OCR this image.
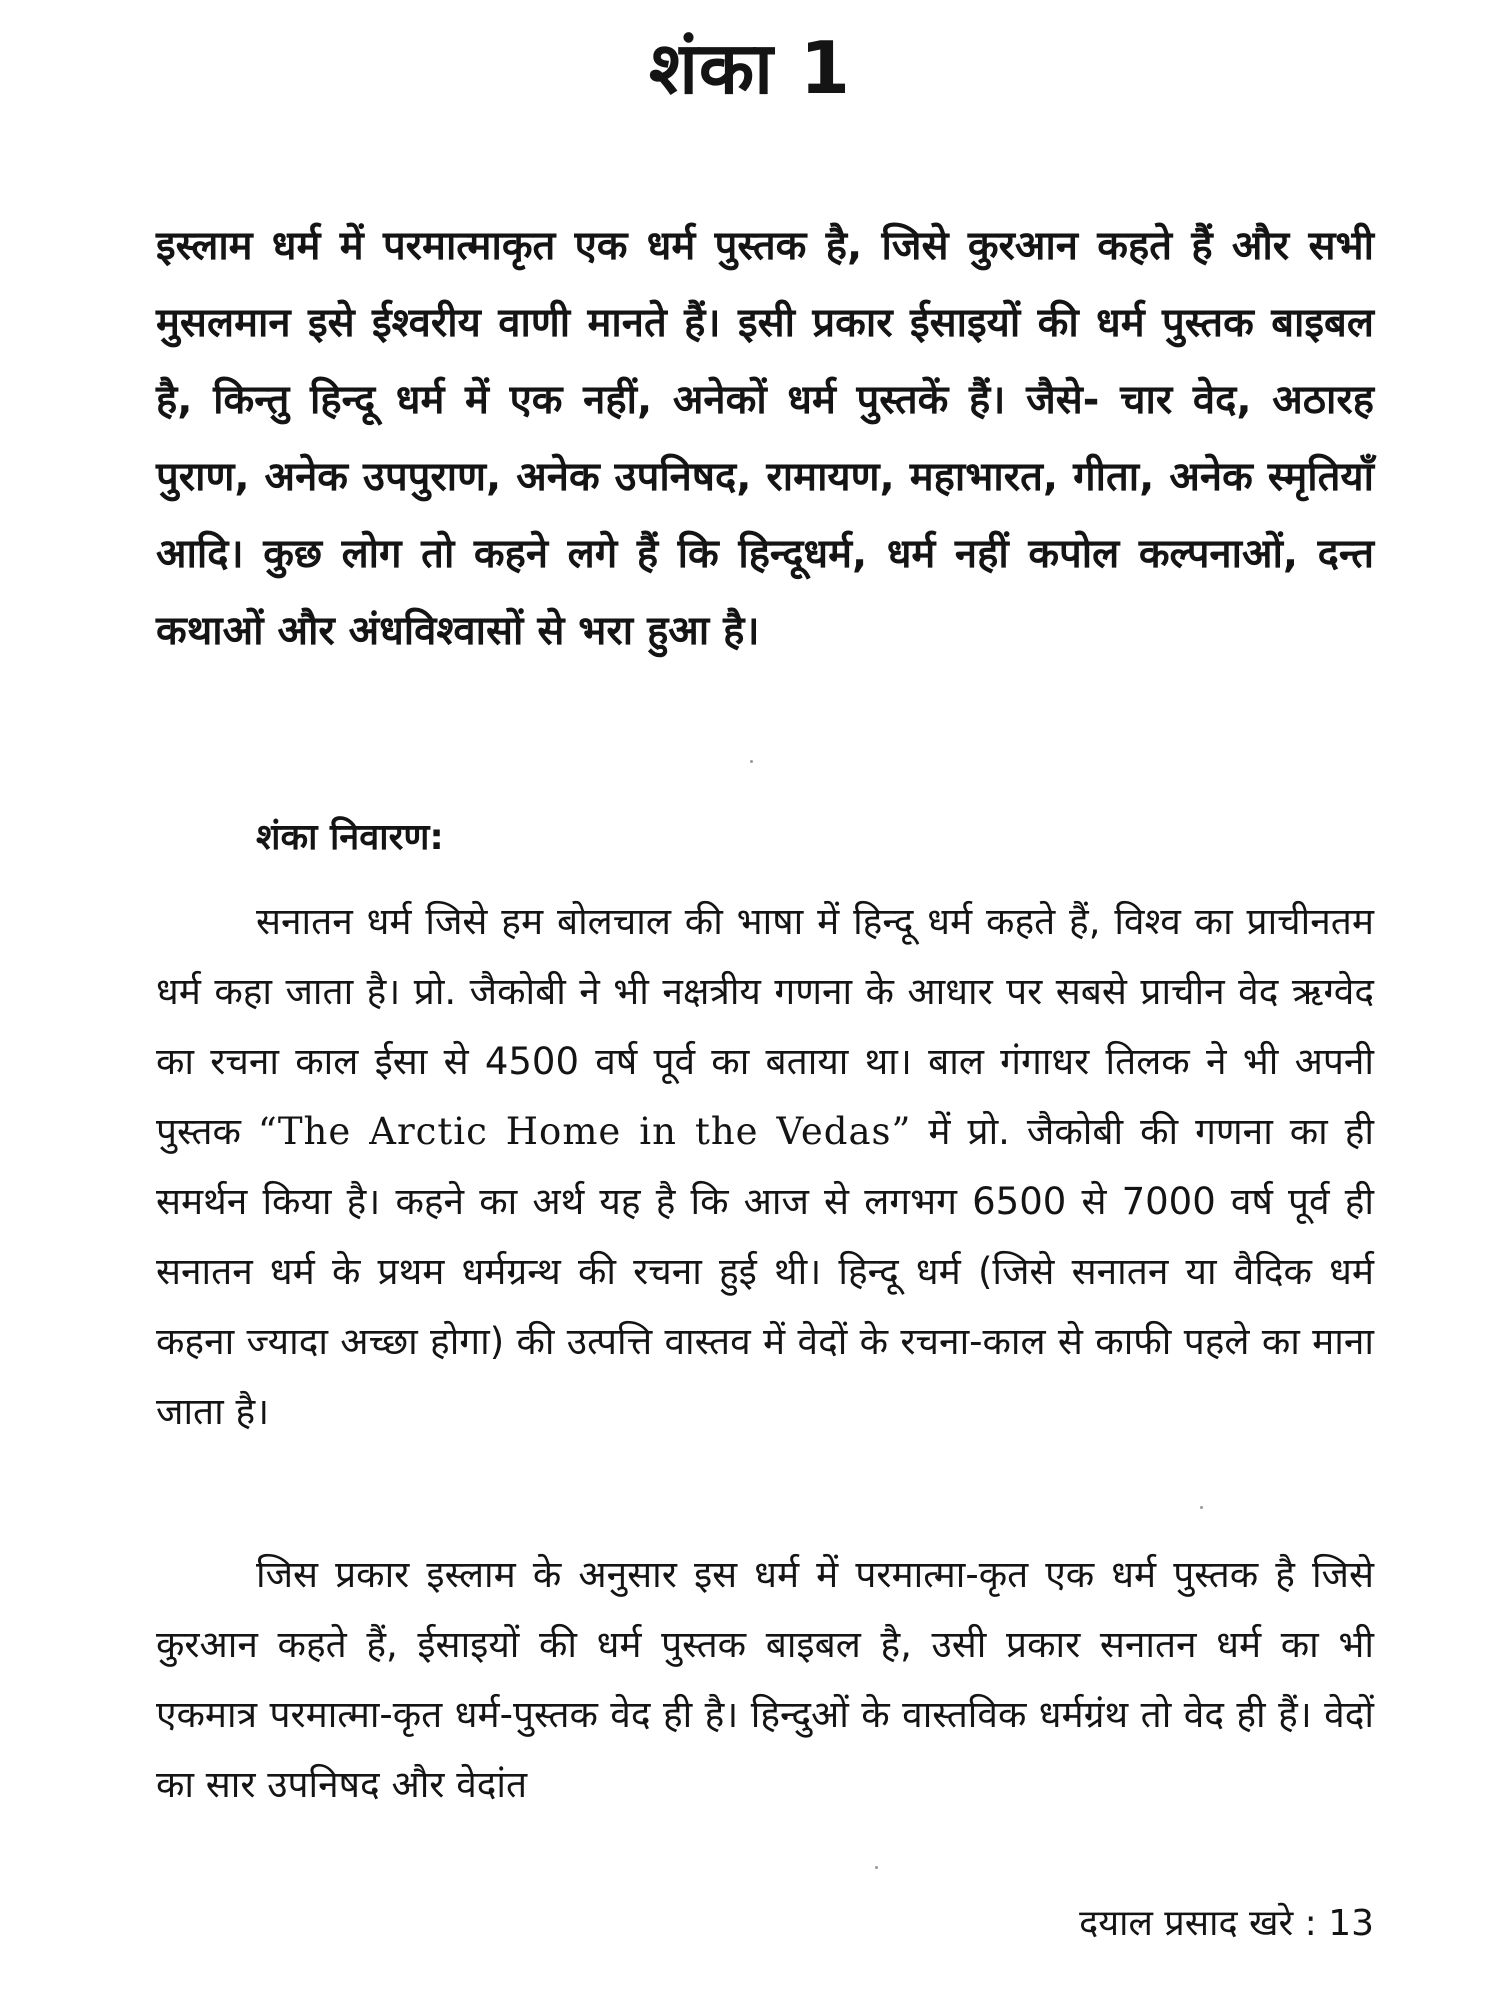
शंका 1

इस्लाम धर्म में परमात्माकृत एक धर्म पुस्तक है, जिसे कुरआन कहते हैं और सभी मुसलमान इसे ईश्वरीय वाणी मानते हैं। इसी प्रकार ईसाइयों की धर्म पुस्तक बाइबल है, किन्तु हिन्दू धर्म में एक नहीं, अनेकों धर्म पुस्तकें हैं। जैसे- चार वेद, अठारह पुराण, अनेक उपपुराण, अनेक उपनिषद, रामायण, महाभारत, गीता, अनेक स्मृतियाँ आदि। कुछ लोग तो कहने लगे हैं कि हिन्दूधर्म, धर्म नहीं कपोल कल्पनाओं, दन्त कथाओं और अंधविश्वासों से भरा हुआ है।

शंका निवारण:

सनातन धर्म जिसे हम बोलचाल की भाषा में हिन्दू धर्म कहते हैं, विश्व का प्राचीनतम धर्म कहा जाता है। प्रो. जैकोबी ने भी नक्षत्रीय गणना के आधार पर सबसे प्राचीन वेद ऋग्वेद का रचना काल ईसा से 4500 वर्ष पूर्व का बताया था। बाल गंगाधर तिलक ने भी अपनी पुस्तक “The Arctic Home in the Vedas” में प्रो. जैकोबी की गणना का ही समर्थन किया है। कहने का अर्थ यह है कि आज से लगभग 6500 से 7000 वर्ष पूर्व ही सनातन धर्म के प्रथम धर्मग्रन्थ की रचना हुई थी। हिन्दू धर्म (जिसे सनातन या वैदिक धर्म कहना ज्यादा अच्छा होगा) की उत्पत्ति वास्तव में वेदों के रचना-काल से काफी पहले का माना जाता है।

जिस प्रकार इस्लाम के अनुसार इस धर्म में परमात्मा-कृत एक धर्म पुस्तक है जिसे कुरआन कहते हैं, ईसाइयों की धर्म पुस्तक बाइबल है, उसी प्रकार सनातन धर्म का भी एकमात्र परमात्मा-कृत धर्म-पुस्तक वेद ही है। हिन्दुओं के वास्तविक धर्मग्रंथ तो वेद ही हैं। वेदों का सार उपनिषद और वेदांत

दयाल प्रसाद खरे : 13
